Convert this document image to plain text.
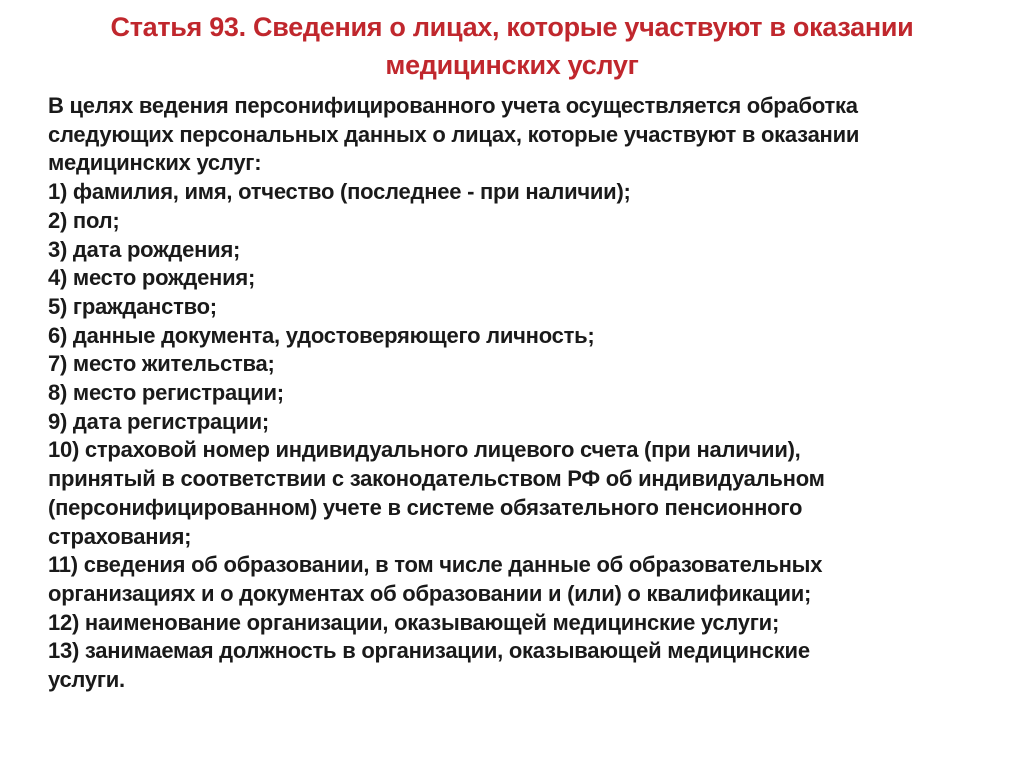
Статья 93. Сведения о лицах, которые участвуют в оказании
медицинских услуг
В целях ведения персонифицированного учета осуществляется обработка
следующих персональных данных о лицах, которые участвуют в оказании
медицинских услуг:
1) фамилия, имя, отчество (последнее - при наличии);
2) пол;
3) дата рождения;
4) место рождения;
5) гражданство;
6) данные документа, удостоверяющего личность;
7) место жительства;
8) место регистрации;
9) дата регистрации;
10) страховой номер индивидуального лицевого счета (при наличии),
принятый в соответствии с законодательством РФ об индивидуальном
(персонифицированном) учете в системе обязательного пенсионного
страхования;
11) сведения об образовании, в том числе данные об образовательных
организациях и о документах об образовании и (или) о квалификации;
12) наименование организации, оказывающей медицинские услуги;
13) занимаемая должность в организации, оказывающей медицинские
услуги.
